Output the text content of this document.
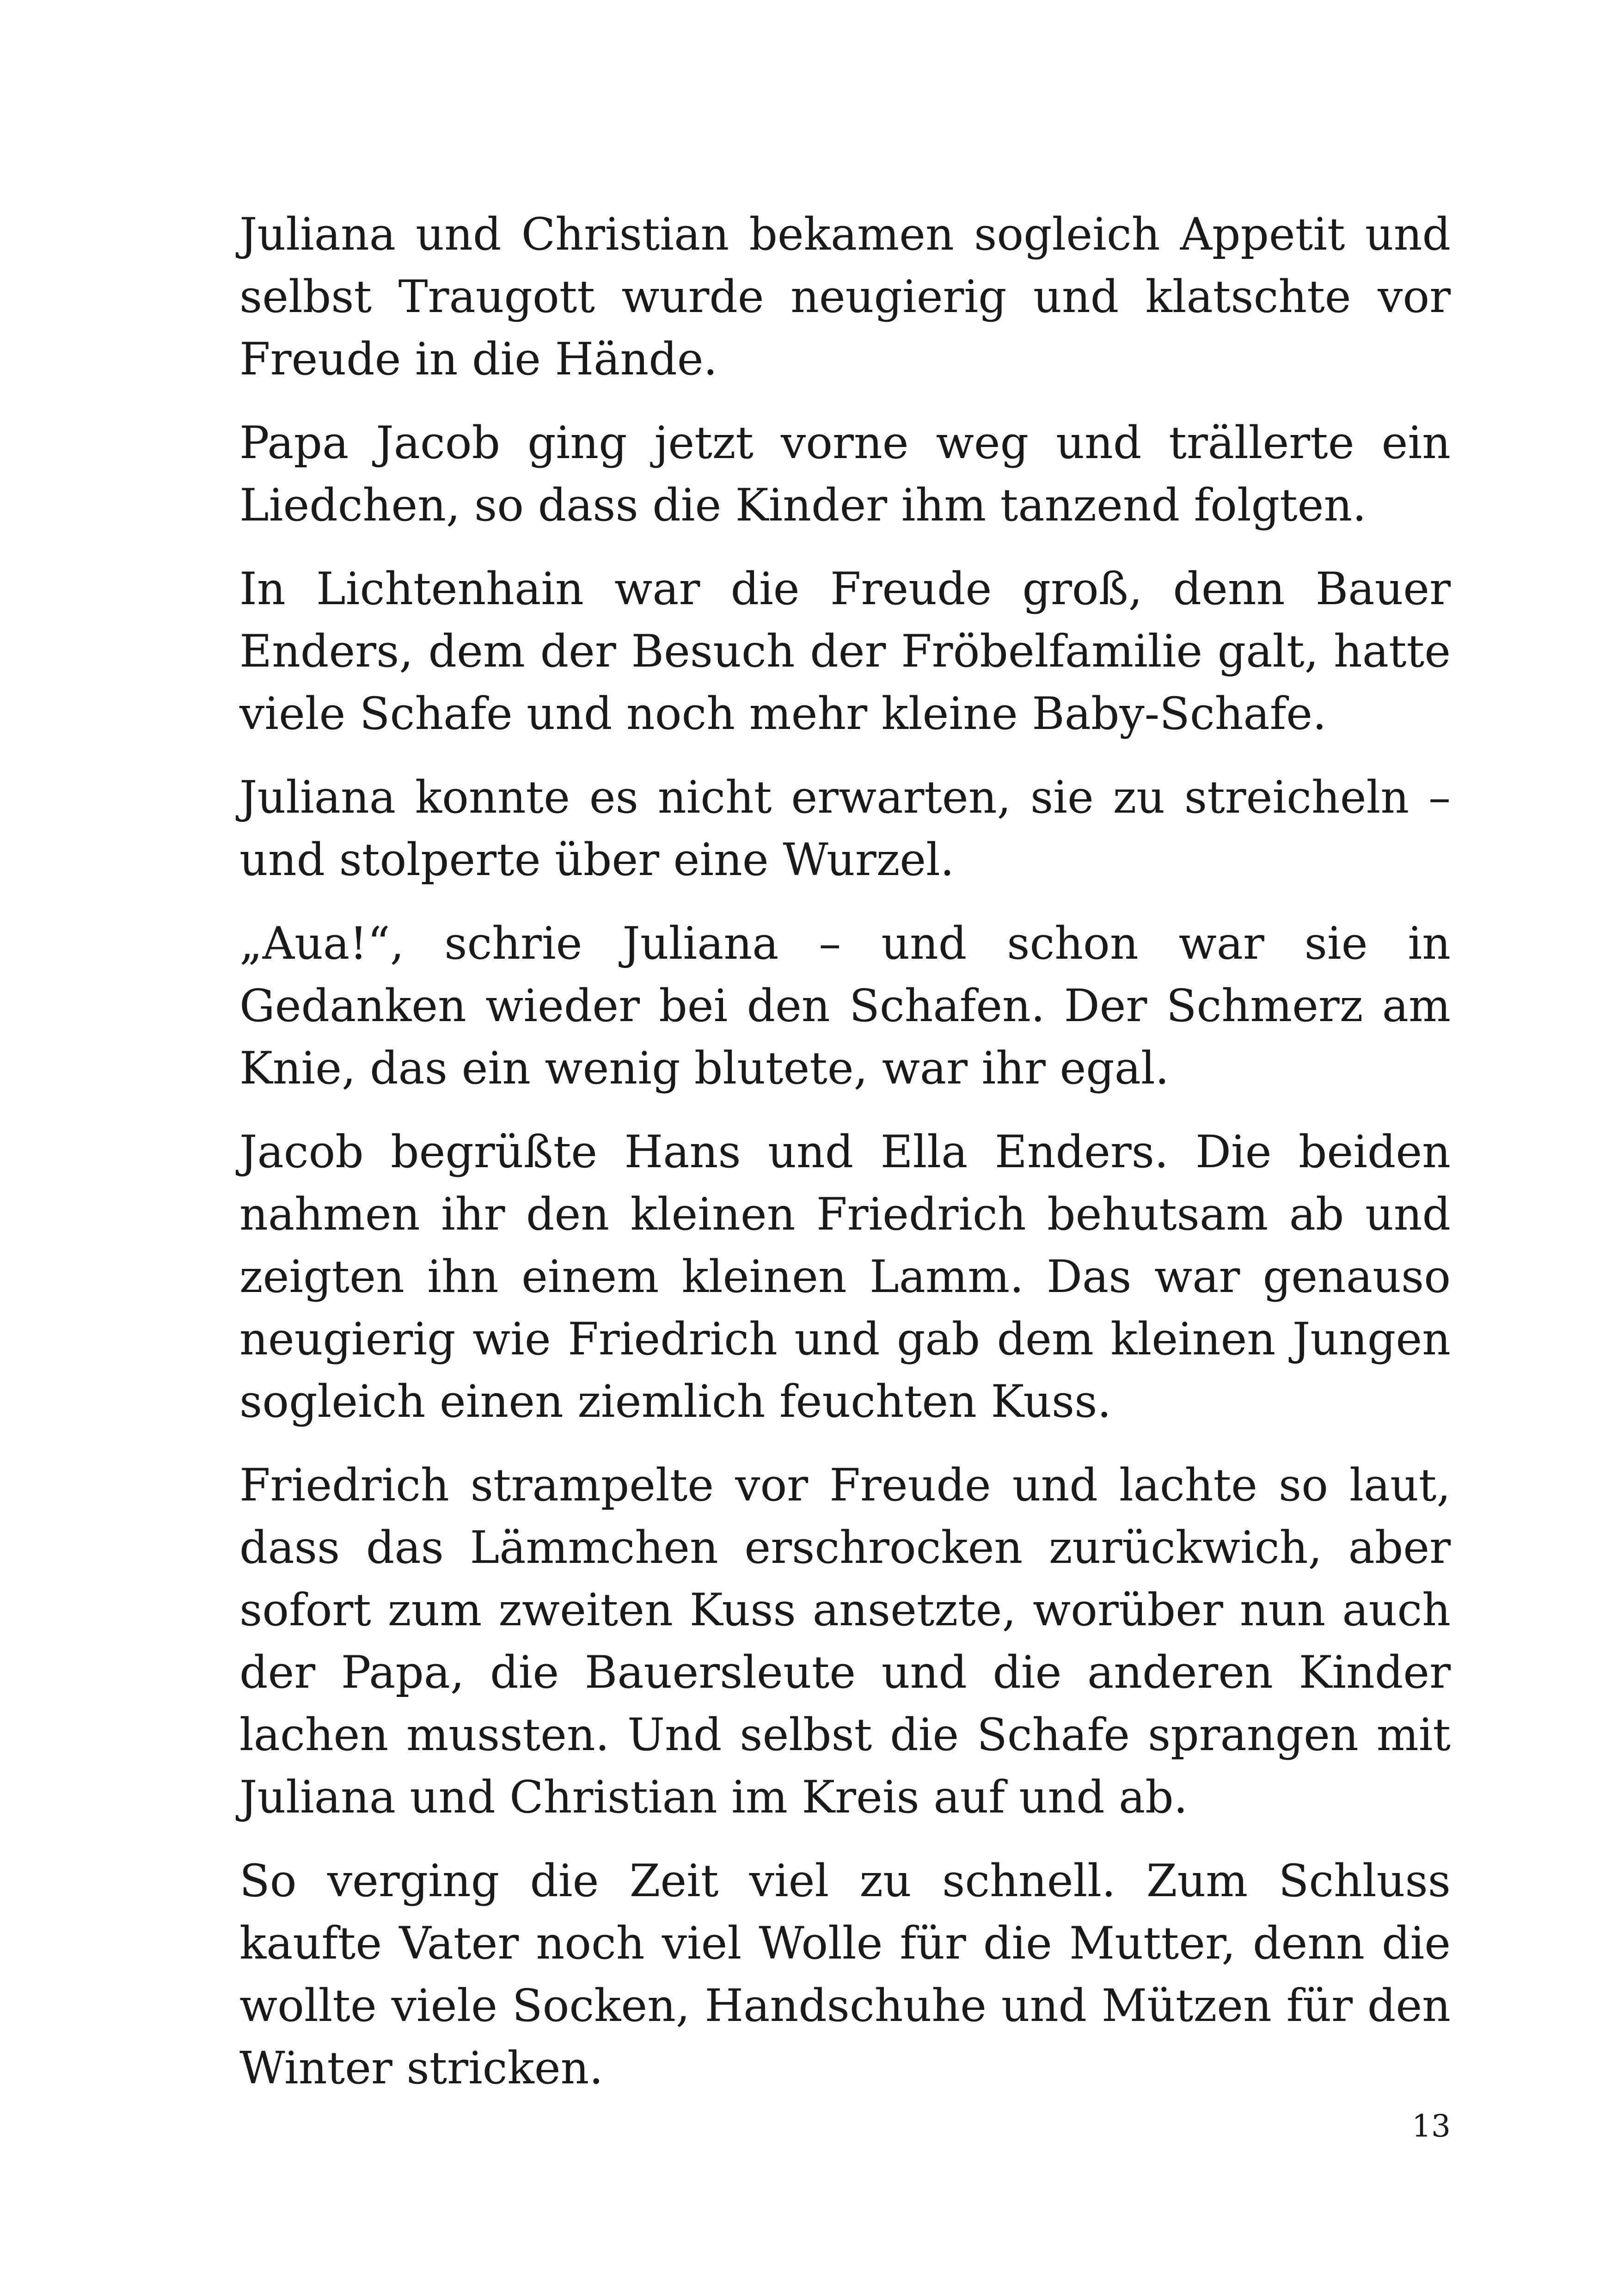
Juliana und Christian bekamen sogleich Appetit und selbst Traugott wurde neugierig und klatschte vor Freude in die Hände.

Papa Jacob ging jetzt vorne weg und trällerte ein Liedchen, so dass die Kinder ihm tanzend folgten.

In Lichtenhain war die Freude groß, denn Bauer Enders, dem der Besuch der Fröbelfamilie galt, hatte viele Schafe und noch mehr kleine Baby-Schafe.

Juliana konnte es nicht erwarten, sie zu streicheln – und stolperte über eine Wurzel.

„Aua!“, schrie Juliana – und schon war sie in Gedanken wieder bei den Schafen. Der Schmerz am Knie, das ein wenig blutete, war ihr egal.

Jacob begrüßte Hans und Ella Enders. Die beiden nahmen ihr den kleinen Friedrich behutsam ab und zeigten ihn einem kleinen Lamm. Das war genauso neugierig wie Friedrich und gab dem kleinen Jungen sogleich einen ziemlich feuchten Kuss.

Friedrich strampelte vor Freude und lachte so laut, dass das Lämmchen erschrocken zurückwich, aber sofort zum zweiten Kuss ansetzte, worüber nun auch der Papa, die Bauersleute und die anderen Kinder lachen mussten. Und selbst die Schafe sprangen mit Juliana und Christian im Kreis auf und ab.

So verging die Zeit viel zu schnell. Zum Schluss kaufte Vater noch viel Wolle für die Mutter, denn die wollte viele Socken, Handschuhe und Mützen für den Winter stricken.

13
